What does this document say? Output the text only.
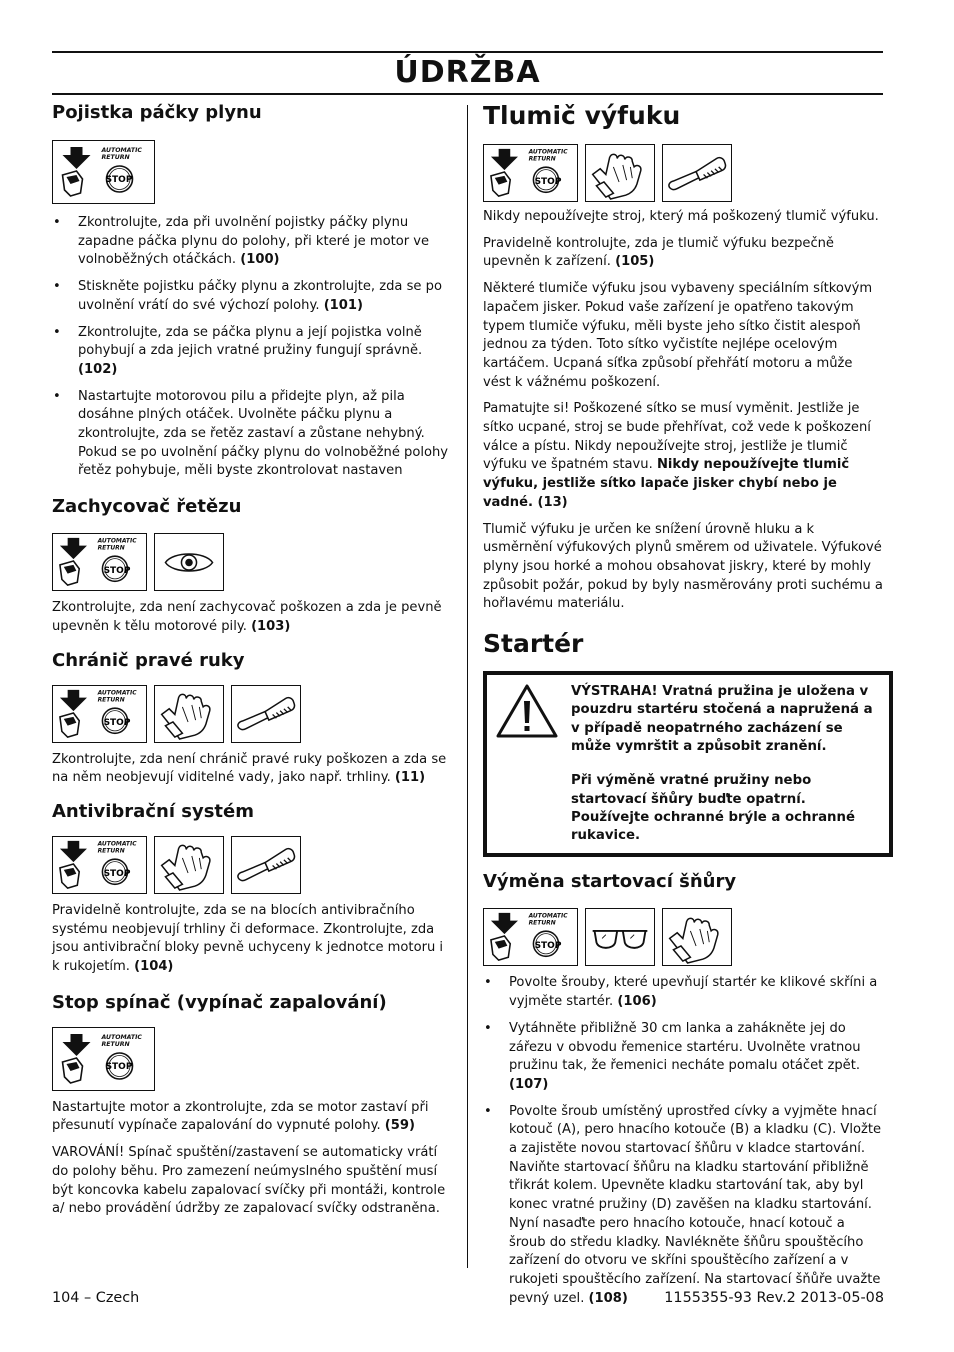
ÚDRŽBA
Pojistka páčky plynu
STOP
• Zkontrolujte, zda při uvolnění pojistky páčky plynu zapadne páčka plynu do polohy, při které je motor ve volnoběžných otáčkách. (100)
• Stiskněte pojistku páčky plynu a zkontrolujte, zda se po uvolnění vrátí do své výchozí polohy. (101)
• Zkontrolujte, zda se páčka plynu a její pojistka volně pohybují a zda jejich vratné pružiny fungují správně. (102)
• Nastartujte motorovou pilu a přidejte plyn, až pila dosáhne plných otáček. Uvolněte páčku plynu a zkontrolujte, zda se řetěz zastaví a zůstane nehybný. Pokud se po uvolnění páčky plynu do volnoběžné polohy řetěz pohybuje, měli byste zkontrolovat nastaven
Zachycovač řetězu
STOP

Zkontrolujte, zda není zachycovač poškozen a zda je pevně upevněn k tělu motorové pily. (103)

Chránič pravé ruky
STOP

Zkontrolujte, zda není chránič pravé ruky poškozen a zda se na něm neobjevují viditelné vady, jako např. trhliny. (11)

Antivibrační systém
STOP

Pravidelně kontrolujte, zda se na blocích antivibračního systému neobjevují trhliny či deformace. Zkontrolujte, zda jsou antivibrační bloky pevně uchyceny k jednotce motoru i k rukojetím. (104)

Stop spínač (vypínač zapalování)
STOP

Nastartujte motor a zkontrolujte, zda se motor zastaví při přesunutí vypínače zapalování do vypnuté polohy. (59)

VAROVÁNÍ! Spínač spuštění/zastavení se automaticky vrátí do polohy běhu. Pro zamezení neúmyslného spuštění musí být koncovka kabelu zapalovací svíčky při montáži, kontrole a/ nebo provádění údržby ze zapalovací svíčky odstraněna.

Tlumič výfuku
STOP

Nikdy nepoužívejte stroj, který má poškozený tlumič výfuku.

Pravidelně kontrolujte, zda je tlumič výfuku bezpečně upevněn k zařízení. (105)

Některé tlumiče výfuku jsou vybaveny speciálním sítkovým lapačem jisker. Pokud vaše zařízení je opatřeno takovým typem tlumiče výfuku, měli byste jeho sítko čistit alespoň jednou za týden. Toto sítko vyčistíte nejlépe ocelovým kartáčem. Ucpaná síťka způsobí přehřátí motoru a může vést k vážnému poškození.

Pamatujte si! Poškozené sítko se musí vyměnit. Jestliže je sítko ucpané, stroj se bude přehřívat, což vede k poškození válce a pístu. Nikdy nepoužívejte stroj, jestliže je tlumič výfuku ve špatném stavu. Nikdy nepoužívejte tlumič výfuku, jestliže sítko lapače jisker chybí nebo je vadné. (13)

Tlumič výfuku je určen ke snížení úrovně hluku a k usměrnění výfukových plynů směrem od uživatele. Výfukové plyny jsou horké a mohou obsahovat jiskry, které by mohly způsobit požár, pokud by byly nasměrovány proti suchému a hořlavému materiálu.

Startér

VÝSTRAHA! Vratná pružina je uložena v pouzdru startéru stočená a napružená a v případě neopatrného zacházení se může vymrštit a způsobit zranění.

Při výměně vratné pružiny nebo startovací šňůry buďte opatrní. Používejte ochranné brýle a ochranné rukavice.

Výměna startovací šňůry
STOP
• Povolte šrouby, které upevňují startér ke klikové skříni a vyjměte startér. (106)
• Vytáhněte přibližně 30 cm lanka a zahákněte jej do zářezu v obvodu řemenice startéru. Uvolněte vratnou pružinu tak, že řemenici necháte pomalu otáčet zpět. (107)
• Povolte šroub umístěný uprostřed cívky a vyjměte hnací kotouč (A), pero hnacího kotouče (B) a kladku (C). Vložte a zajistěte novou startovací šňůru v kladce startování. Naviňte startovací šňůru na kladku startování přibližně třikrát kolem. Upevněte kladku startování tak, aby byl konec vratné pružiny (D) zavěšen na kladku startování. Nyní nasaďte pero hnacího kotouče, hnací kotouč a šroub do středu kladky. Navlékněte šňůru spouštěcího zařízení do otvoru ve skříni spouštěcího zařízení a v rukojeti spouštěcího zařízení. Na startovací šňůře uvažte pevný uzel. (108)
104 – Czech	1155355-93 Rev.2 2013-05-08
